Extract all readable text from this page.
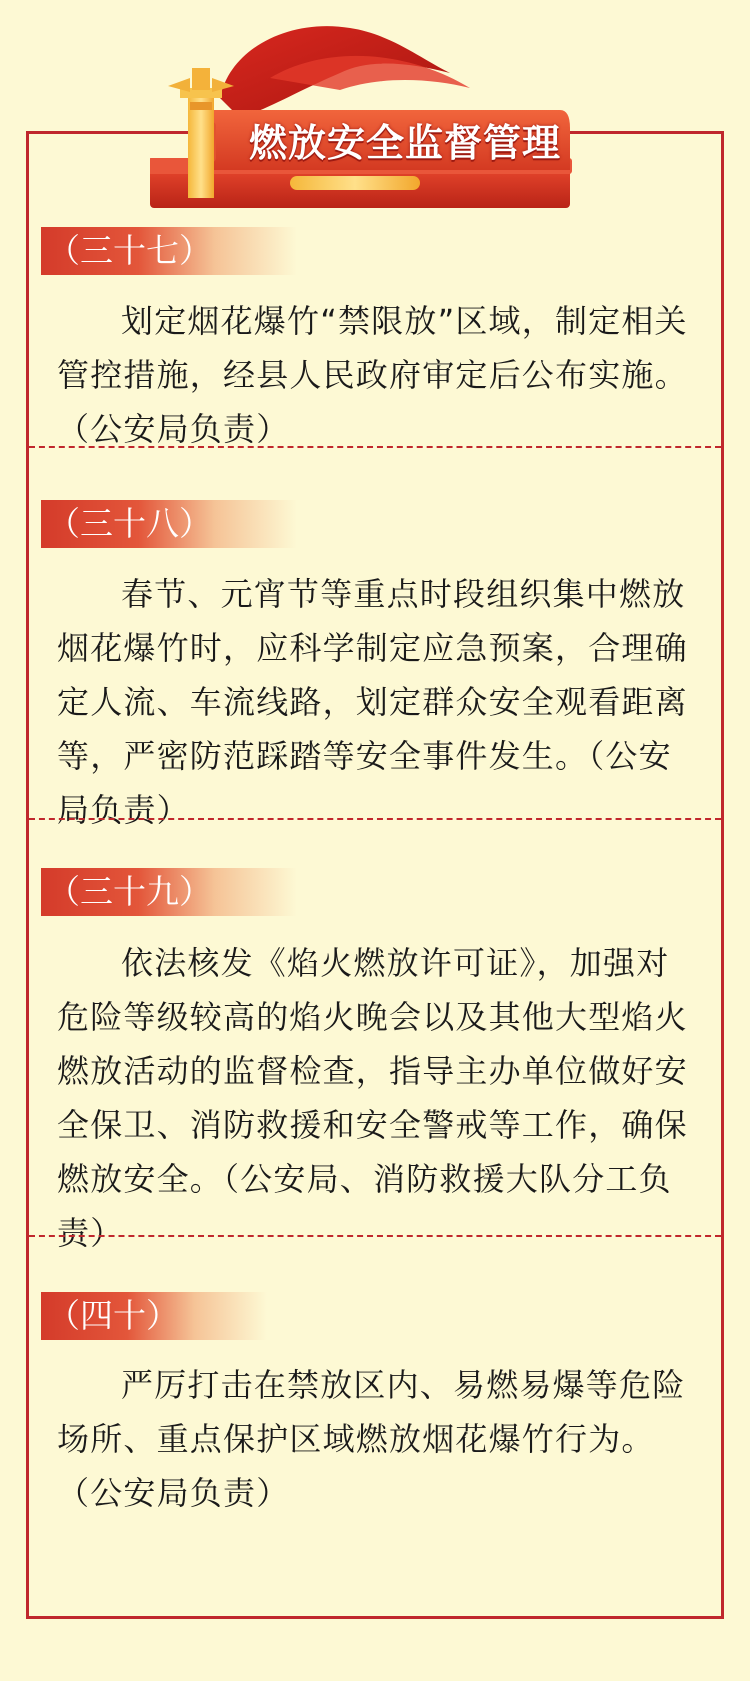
燃放安全监督管理
（三十七）

划定烟花爆竹“禁限放”区域，制定相关管控措施，经县人民政府审定后公布实施。（公安局负责）

（三十八）

春节、元宵节等重点时段组织集中燃放烟花爆竹时，应科学制定应急预案，合理确定人流、车流线路，划定群众安全观看距离等，严密防范踩踏等安全事件发生。（公安局负责）

（三十九）

依法核发《焰火燃放许可证》，加强对危险等级较高的焰火晚会以及其他大型焰火燃放活动的监督检查，指导主办单位做好安全保卫、消防救援和安全警戒等工作，确保燃放安全。（公安局、消防救援大队分工负责）

（四十）

严厉打击在禁放区内、易燃易爆等危险场所、重点保护区域燃放烟花爆竹行为。（公安局负责）
